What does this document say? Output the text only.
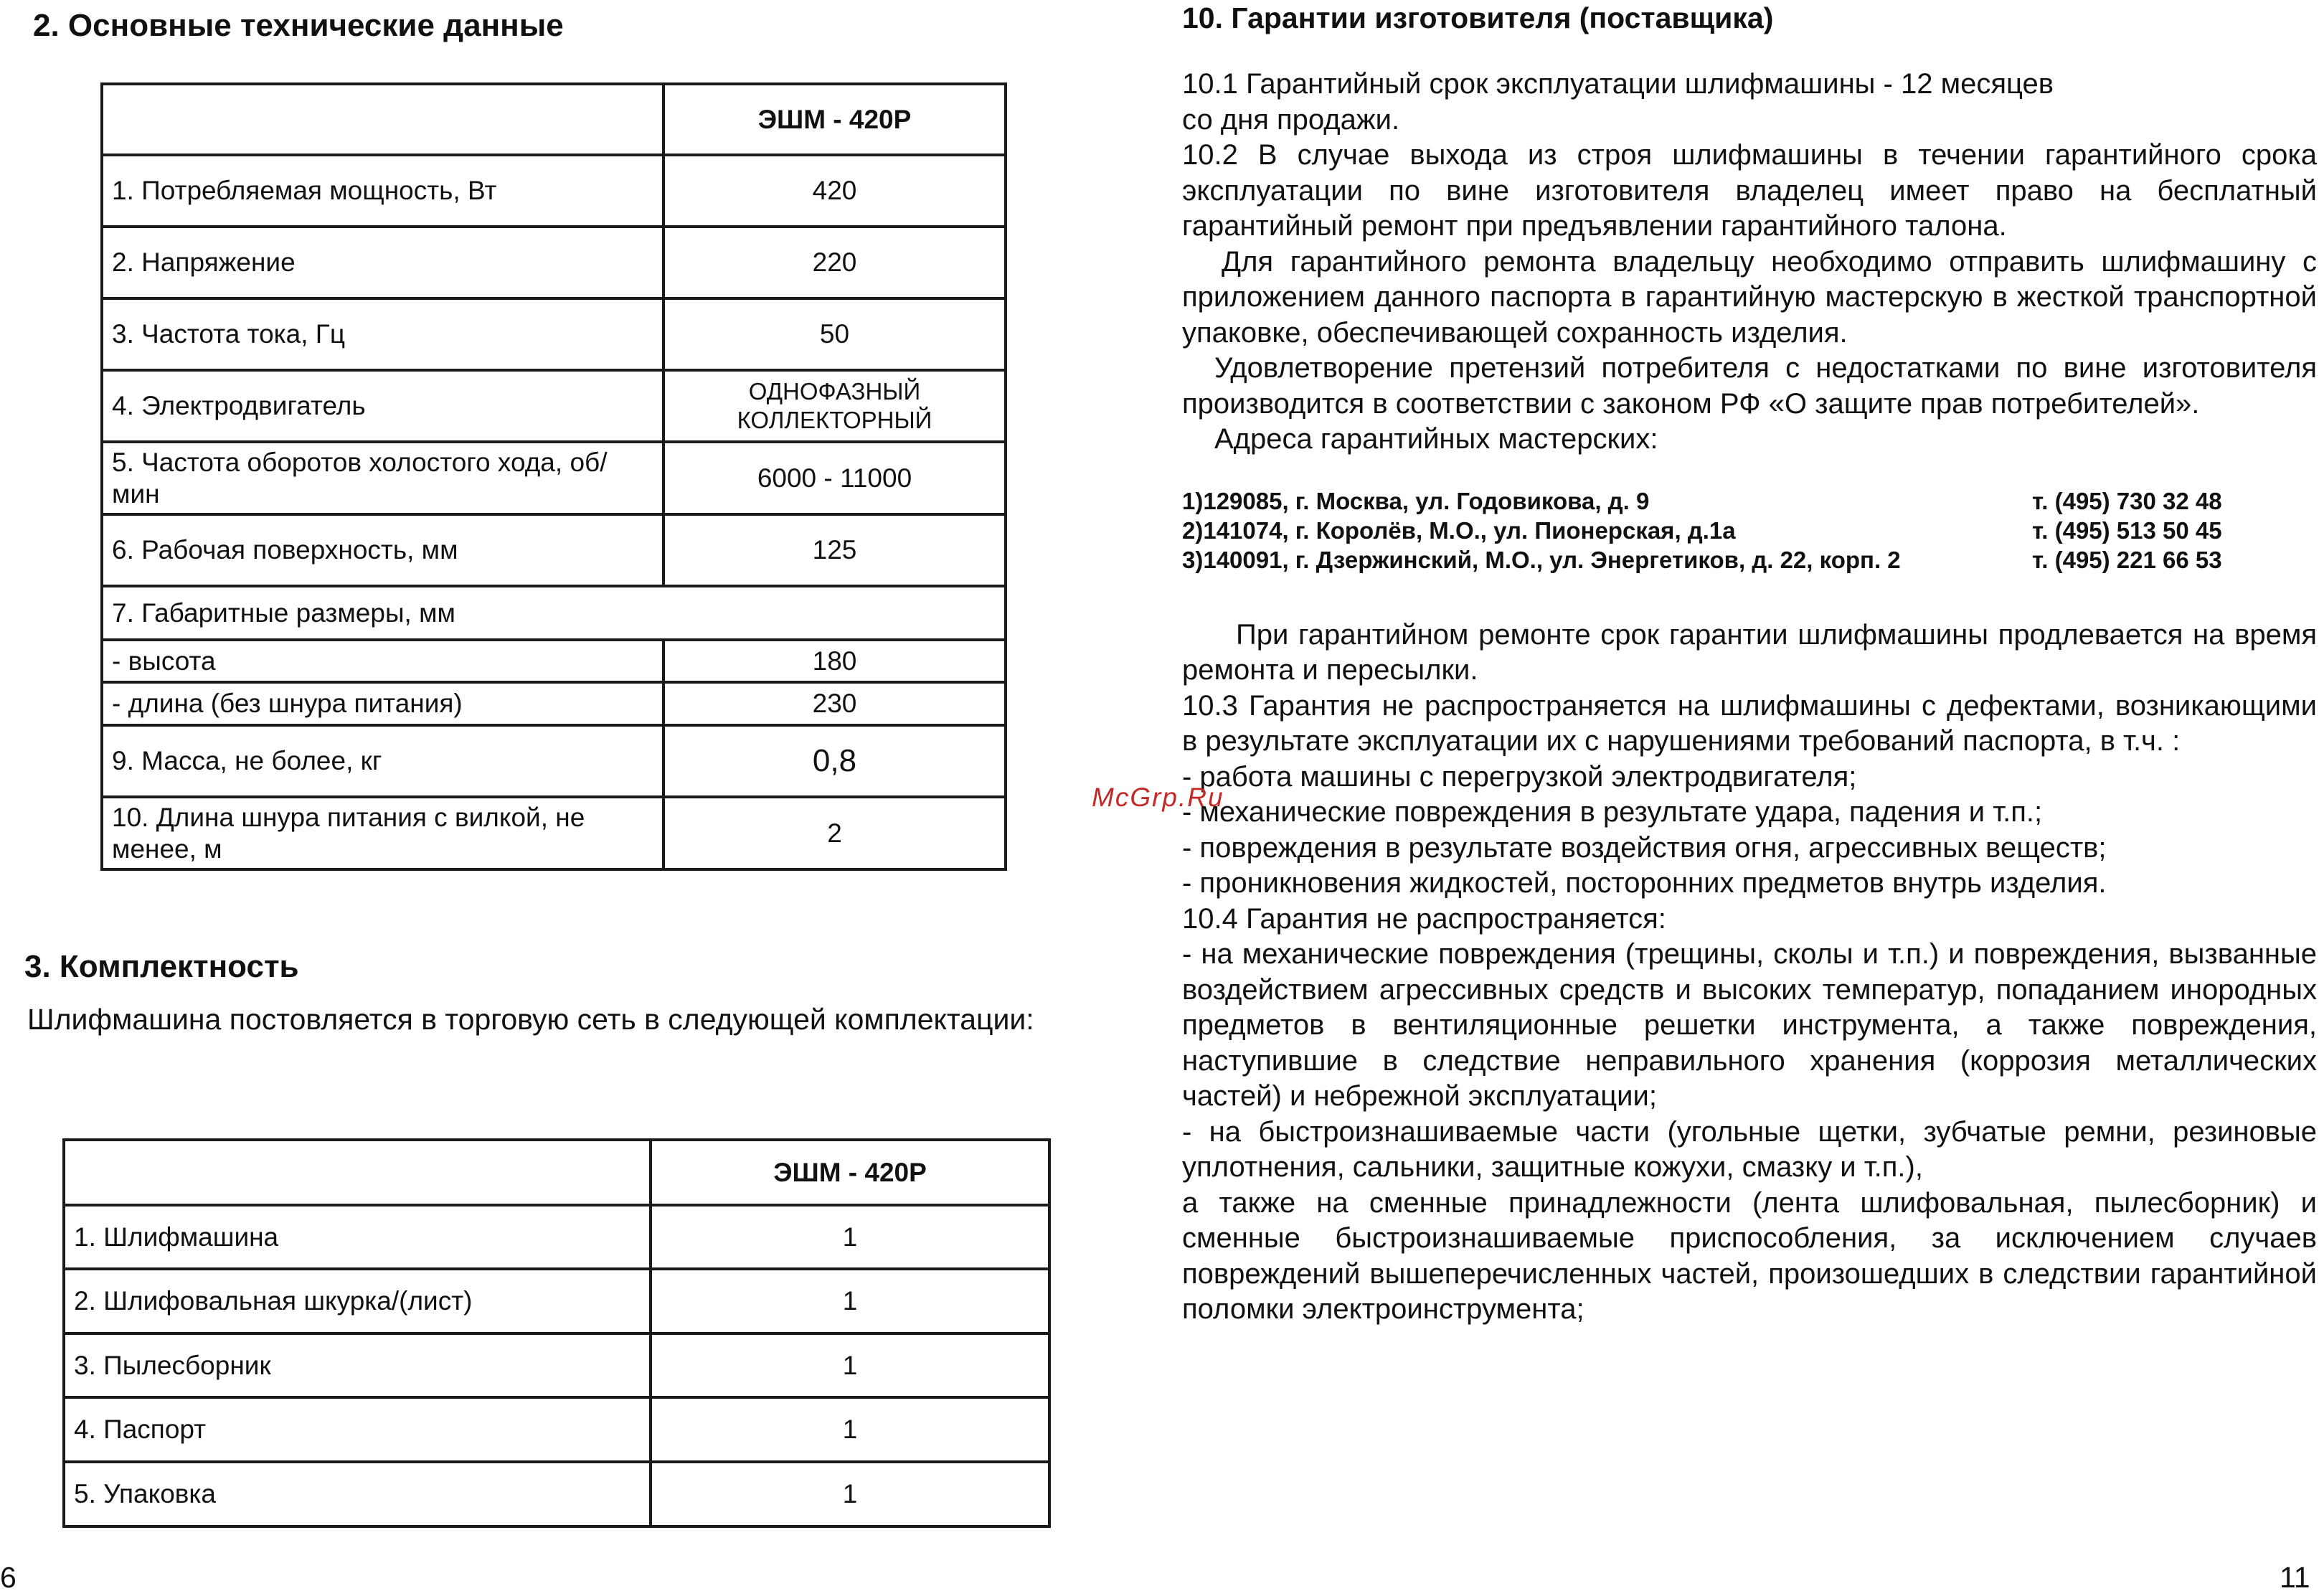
2. Основные технические данные
	ЭШМ - 420Р
1. Потребляемая мощность, Вт	420
2. Напряжение	220
3. Частота тока, Гц	50
4. Электродвигатель	ОДНОФАЗНЫЙ
КОЛЛЕКТОРНЫЙ

5. Частота оборотов холостого хода, об/мин	6000 - 11000
6. Рабочая поверхность, мм	125
7. Габаритные размеры, мм	
- высота	180
- длина (без шнура питания)	230
9. Масса, не более, кг	0,8
10. Длина шнура питания с вилкой, не менее, м	2
3. Комплектность
Шлифмашина постовляется в торговую сеть в следующей комплектации:
	ЭШМ - 420Р
1. Шлифмашина	1
2. Шлифовальная шкурка/(лист)	1
3. Пылесборник	1
4. Паспорт	1
5. Упаковка	1
6
10. Гарантии изготовителя (поставщика)

10.1 Гарантийный срок эксплуатации шлифмашины - 12 месяцев

со дня продажи.

10.2 В случае выхода из строя шлифмашины в течении гарантийного срока эксплуатации по вине изготовителя владелец имеет право на бесплатный гарантийный ремонт при предъявлении гарантийного талона.

Для гарантийного ремонта владельцу необходимо отправить шлифмашину с приложением данного паспорта в гарантийную мастерскую в жесткой транспортной упаковке, обеспечивающей сохранность изделия.

Удовлетворение претензий потребителя с недостатками по вине изготовителя производится в соответствии с законом РФ «О защите прав потребителей».

Адреса гарантийных мастерских:

1)129085, г. Москва, ул. Годовикова, д. 9	т. (495) 730 32 48
2)141074, г. Королёв, М.О., ул. Пионерская, д.1а	т. (495) 513 50 45
3)140091, г. Дзержинский, М.О., ул. Энергетиков, д. 22, корп. 2	т. (495) 221 66 53

При гарантийном ремонте срок гарантии шлифмашины продлевается на время ремонта и пересылки.

10.3 Гарантия не распространяется на шлифмашины с дефектами, возникающими в результате эксплуатации их с нарушениями требований паспорта, в т.ч. :

- работа машины с перегрузкой электродвигателя;

- механические повреждения в результате удара, падения и т.п.;

- повреждения в результате воздействия огня, агрессивных веществ;

- проникновения жидкостей, посторонних предметов внутрь изделия.

10.4 Гарантия не распространяется:

- на механические повреждения (трещины, сколы и т.п.) и повреждения, вызванные воздействием агрессивных средств и высоких температур, попаданием инородных предметов в вентиляционные решетки инструмента, а также повреждения, наступившие в следствие неправильного хранения (коррозия металлических частей) и небрежной эксплуатации;

- на быстроизнашиваемые части (угольные щетки, зубчатые ремни, резиновые уплотнения, сальники, защитные кожухи, смазку и т.п.),

а также на сменные принадлежности (лента шлифовальная, пылесборник) и сменные быстроизнашиваемые приспособления, за исключением случаев повреждений вышеперечисленных частей, произошедших в следствии гарантийной поломки электроинструмента;

McGrp.Ru
11
